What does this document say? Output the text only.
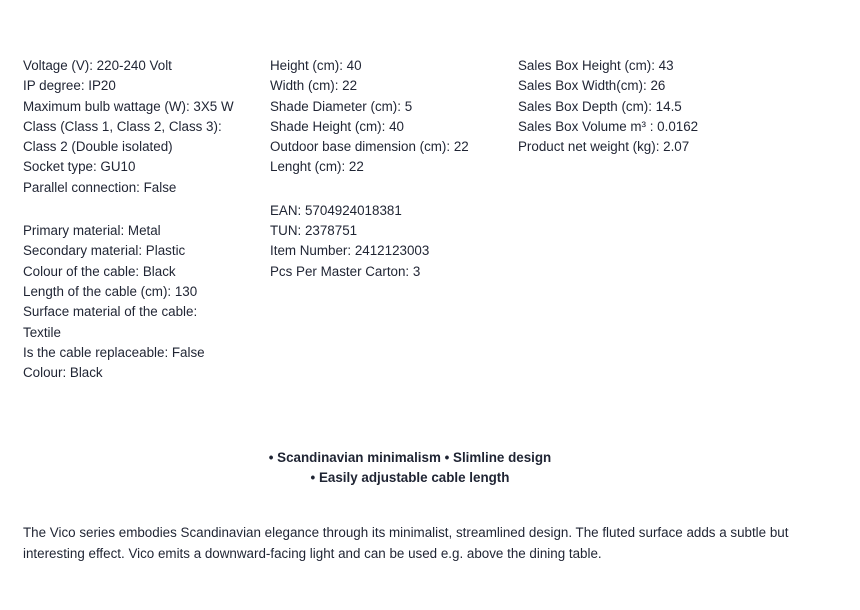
Voltage (V): 220-240 Volt
IP degree: IP20
Maximum bulb wattage (W): 3X5 W
Class (Class 1, Class 2, Class 3): Class 2 (Double isolated)
Socket type: GU10
Parallel connection: False
Primary material: Metal
Secondary material: Plastic
Colour of the cable: Black
Length of the cable (cm): 130
Surface material of the cable: Textile
Is the cable replaceable: False
Colour: Black
Height (cm): 40
Width (cm): 22
Shade Diameter (cm): 5
Shade Height (cm): 40
Outdoor base dimension (cm): 22
Lenght (cm): 22
EAN: 5704924018381
TUN: 2378751
Item Number: 2412123003
Pcs Per Master Carton: 3
Sales Box Height (cm): 43
Sales Box Width(cm): 26
Sales Box Depth (cm): 14.5
Sales Box Volume m³ : 0.0162
Product net weight (kg): 2.07
• Scandinavian minimalism • Slimline design
• Easily adjustable cable length
The Vico series embodies Scandinavian elegance through its minimalist, streamlined design. The fluted surface adds a subtle but interesting effect. Vico emits a downward-facing light and can be used e.g. above the dining table.
